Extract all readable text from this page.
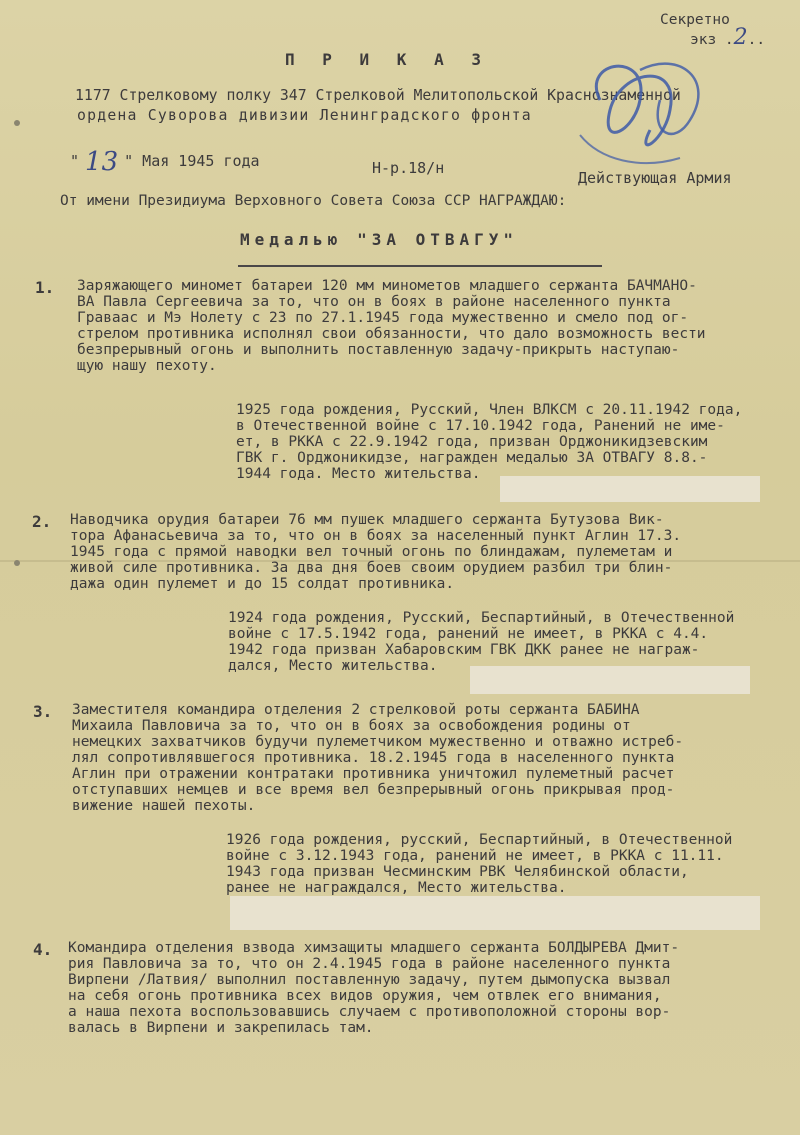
Секретно
экз .2..
П Р И К А З
1177 Стрелковому полку 347 Стрелковой Мелитопольской Краснознаменной
ордена Суворова дивизии Ленинградского фронта
" 13 " Мая 1945 года	Н-р.18/н
Действующая Армия
От имени Президиума Верховного Совета Союза ССР НАГРАЖДАЮ:
Медалью "ЗА ОТВАГУ"
1. Заряжающего миномет батареи 120 мм минометов младшего сержанта БАЧМАНО-
ВА Павла Сергеевича за то, что он в боях в районе населенного пункта
Граваас и Мэ Нолету с 23 по 27.1.1945 года мужественно и смело под ог-
стрелом противника исполнял свои обязанности, что дало возможность вести
безпрерывный огонь и выполнить поставленную задачу-прикрыть наступаю-
щую нашу пехоту.
1925 года рождения, Русский, Член ВЛКСМ с 20.11.1942 года,
в Отечественной войне с 17.10.1942 года, Ранений не име-
ет, в РККА с 22.9.1942 года, призван Орджоникидзевским
ГВК г. Орджоникидзе, награжден медалью ЗА ОТВАГУ 8.8.-
1944 года. Место жительства.
2. Наводчика орудия батареи 76 мм пушек младшего сержанта Бутузова Вик-
тора Афанасьевича за то, что он в боях за населенный пункт Аглин 17.3.
1945 года с прямой наводки вел точный огонь по блиндажам, пулеметам и
живой силе противника. За два дня боев своим орудием разбил три блин-
дажа один пулемет и до 15 солдат противника.
1924 года рождения, Русский, Беспартийный, в Отечественной
войне с 17.5.1942 года, ранений не имеет, в РККА с 4.4.
1942 года призван Хабаровским ГВК ДКК ранее не награж-
дался, Место жительства.
3. Заместителя командира отделения 2 стрелковой роты сержанта БАБИНА
Михаила Павловича за то, что он в боях за освобождения родины от
немецких захватчиков будучи пулеметчиком мужественно и отважно истреб-
лял сопротивлявшегося противника. 18.2.1945 года в населенного пункта
Аглин при отражении контратаки противника уничтожил пулеметный расчет
отступавших немцев и все время вел безпрерывный огонь прикрывая прод-
вижение нашей пехоты.
1926 года рождения, русский, Беспартийный, в Отечественной
войне с 3.12.1943 года, ранений не имеет, в РККА с 11.11.
1943 года призван Чесминским РВК Челябинской области,
ранее не награждался, Место жительства.
4. Командира отделения взвода химзащиты младшего сержанта БОЛДЫРЕВА Дмит-
рия Павловича за то, что он 2.4.1945 года в районе населенного пункта
Вирпени /Латвия/ выполнил поставленную задачу, путем дымопуска вызвал
на себя огонь противника всех видов оружия, чем отвлек его внимания,
а наша пехота воспользовавшись случаем с противоположной стороны вор-
валась в Вирпени и закрепилась там.
